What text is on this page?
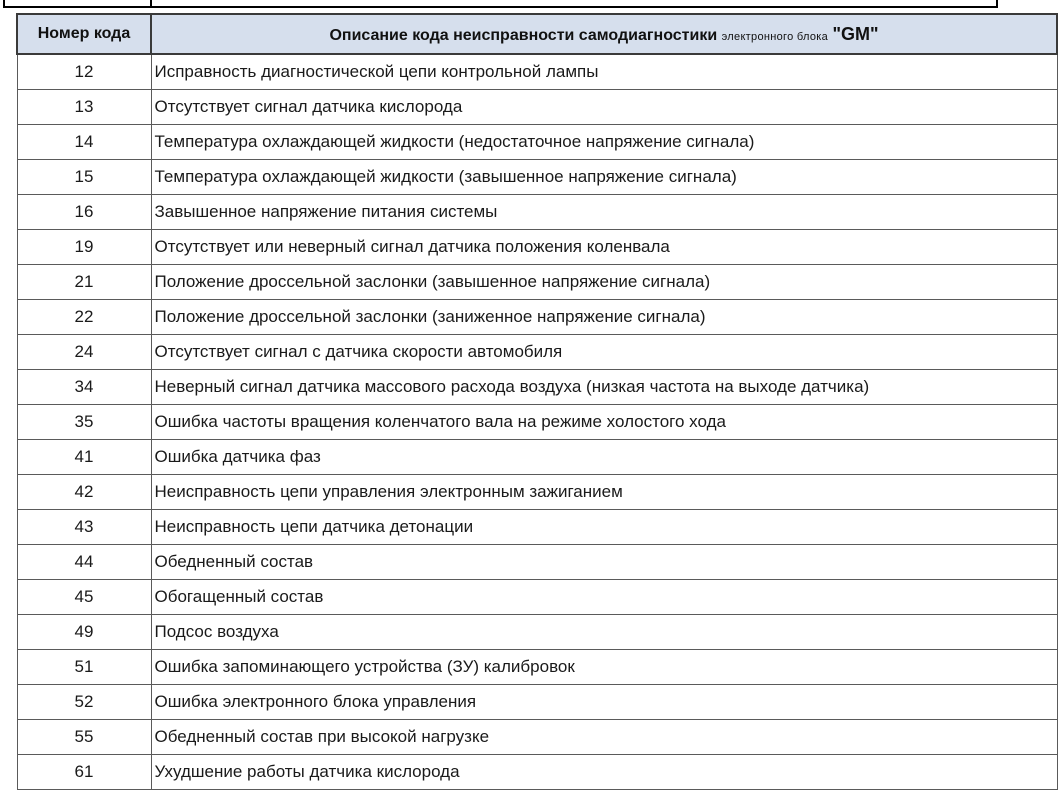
Номер кода	Описание кода неисправности самодиагностики электронного блока "GM"
12	Исправность диагностической цепи контрольной лампы
13	Отсутствует сигнал датчика кислорода
14	Температура охлаждающей жидкости (недостаточное напряжение сигнала)
15	Температура охлаждающей жидкости (завышенное напряжение сигнала)
16	Завышенное напряжение питания системы
19	Отсутствует или неверный сигнал датчика положения коленвала
21	Положение дроссельной заслонки (завышенное напряжение сигнала)
22	Положение дроссельной заслонки (заниженное напряжение сигнала)
24	Отсутствует сигнал с датчика скорости автомобиля
34	Неверный сигнал датчика массового расхода воздуха (низкая частота на выходе датчика)
35	Ошибка частоты вращения коленчатого вала на режиме холостого хода
41	Ошибка датчика фаз
42	Неисправность цепи управления электронным зажиганием
43	Неисправность цепи датчика детонации
44	Обедненный состав
45	Обогащенный состав
49	Подсос воздуха
51	Ошибка запоминающего устройства (ЗУ) калибровок
52	Ошибка электронного блока управления
55	Обедненный состав при высокой нагрузке
61	Ухудшение работы датчика кислорода
